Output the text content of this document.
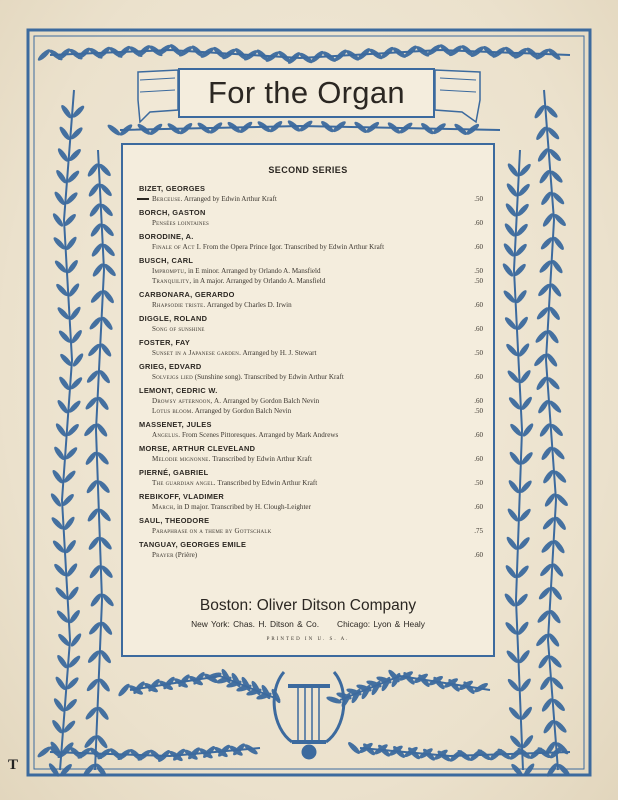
For the Organ
SECOND SERIES
BIZET, GEORGES
Berceuse. Arranged by Edwin Arthur Kraft	.50
BORCH, GASTON
Pensées lointaines	.60
BORODINE, A.
Finale of Act I. From the Opera Prince Igor. Transcribed by Edwin Arthur Kraft	.60
BUSCH, CARL
Impromptu, in E minor. Arranged by Orlando A. Mansfield	.50
Tranquility, in A major. Arranged by Orlando A. Mansfield	.50
CARBONARA, GERARDO
Rhapsodie triste. Arranged by Charles D. Irwin	.60
DIGGLE, ROLAND
Song of sunshine	.60
FOSTER, FAY
Sunset in a Japanese garden. Arranged by H. J. Stewart	.50
GRIEG, EDVARD
Solvejgs lied (Sunshine song). Transcribed by Edwin Arthur Kraft	.60
LEMONT, CEDRIC W.
Drowsy afternoon, A. Arranged by Gordon Balch Nevin	.60
Lotus bloom. Arranged by Gordon Balch Nevin	.50
MASSENET, JULES
Angelus. From Scenes Pittoresques. Arranged by Mark Andrews	.60
MORSE, ARTHUR CLEVELAND
Melodie mignonne. Transcribed by Edwin Arthur Kraft	.60
PIERNÉ, GABRIEL
The guardian angel. Transcribed by Edwin Arthur Kraft	.50
REBIKOFF, VLADIMER
March, in D major. Transcribed by H. Clough-Leighter	.60
SAUL, THEODORE
Paraphrase on a theme by Gottschalk	.75
TANGUAY, GEORGES EMILE
Prayer (Prière)	.60
Boston: Oliver Ditson Company
New York: Chas. H. Ditson & Co. Chicago: Lyon & Healy
PRINTED IN U. S. A.
T
